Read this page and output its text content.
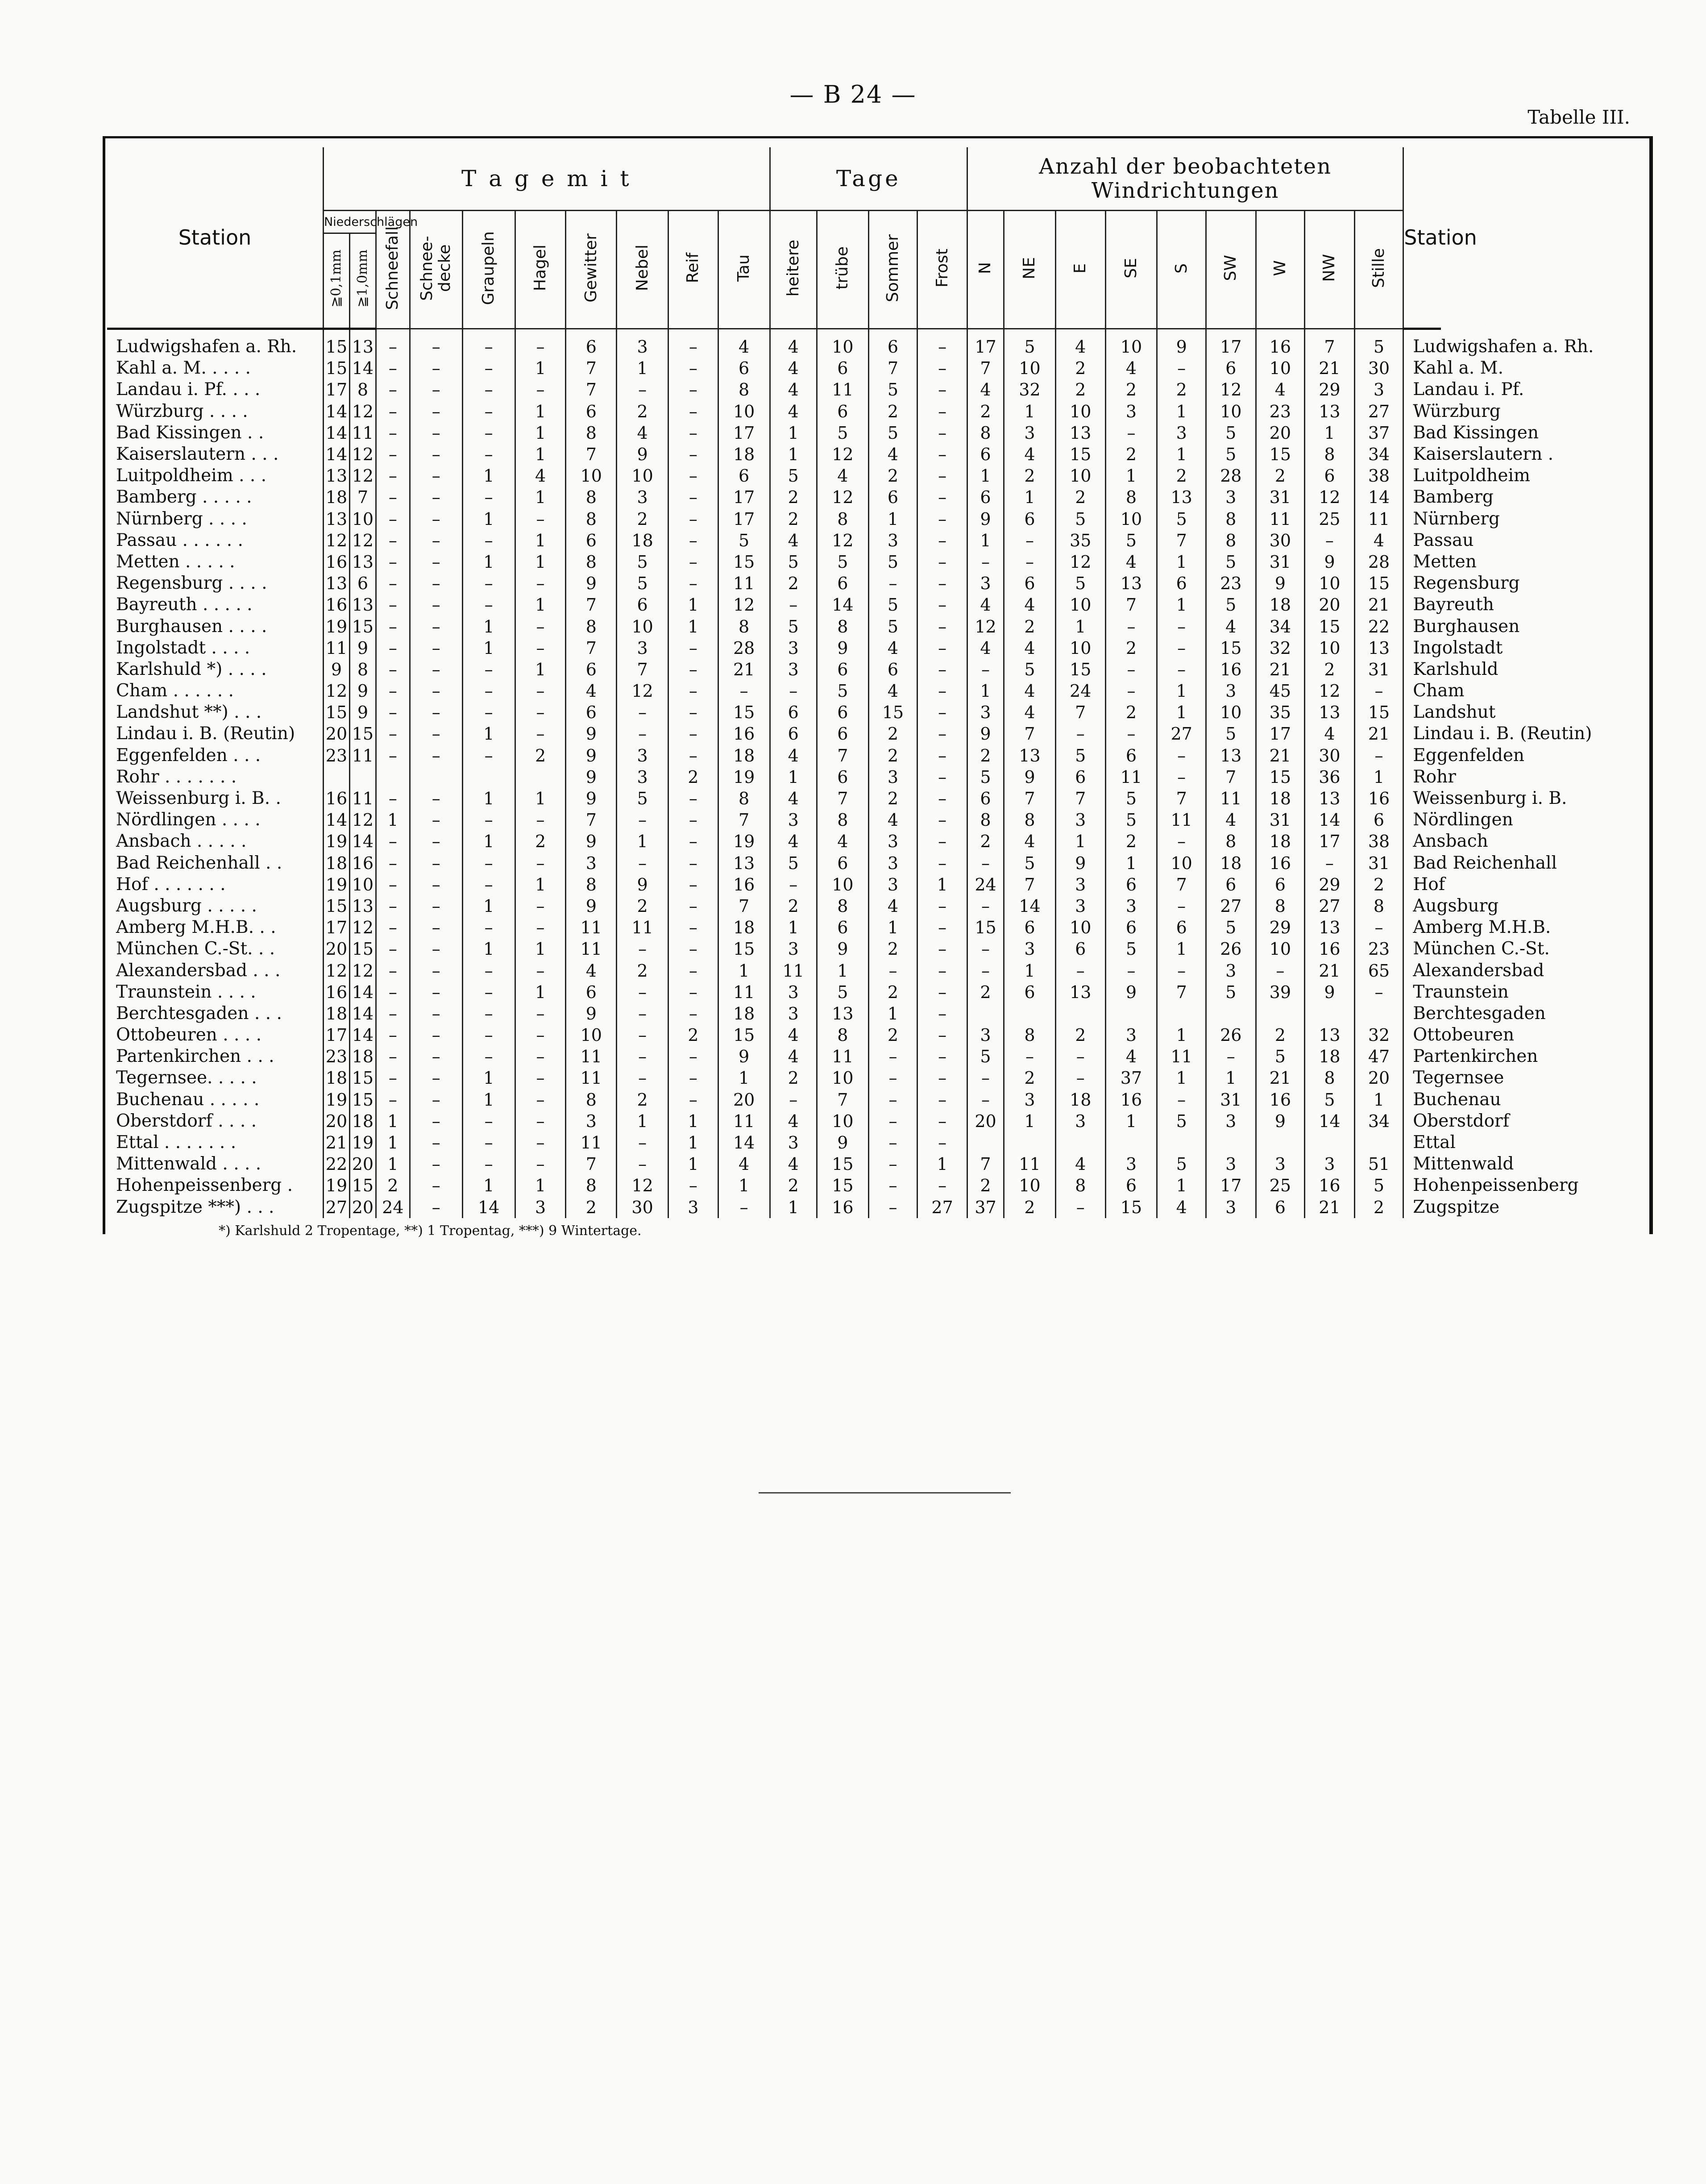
— B 24 —
Tabelle III.
Station	T a g e m i t										Tage				Anzahl der beobachteten
Windrichtungen									Station
	Niederschlägen		Schneefall	Schnee-decke	Graupeln	Hagel	Gewitter	Nebel	Reif	Tau	heitere	trübe	Sommer	Frost	N	NE	E	SE	S	SW	W	NW	Stille	
	≧0,1mm	≧1,0mm																						
Ludwigshafen a. Rh.	15	13	–	–	–	–	6	3	–	4	4	10	6	–	17	5	4	10	9	17	16	7	5	Ludwigshafen a. Rh.
Kahl a. M. . . . .	15	14	–	–	–	1	7	1	–	6	4	6	7	–	7	10	2	4	–	6	10	21	30	Kahl a. M.
Landau i. Pf. . . .	17	8	–	–	–	–	7	–	–	8	4	11	5	–	4	32	2	2	2	12	4	29	3	Landau i. Pf.
Würzburg . . . .	14	12	–	–	–	1	6	2	–	10	4	6	2	–	2	1	10	3	1	10	23	13	27	Würzburg
Bad Kissingen . .	14	11	–	–	–	1	8	4	–	17	1	5	5	–	8	3	13	–	3	5	20	1	37	Bad Kissingen
Kaiserslautern . . .	14	12	–	–	–	1	7	9	–	18	1	12	4	–	6	4	15	2	1	5	15	8	34	Kaiserslautern .
Luitpoldheim . . .	13	12	–	–	1	4	10	10	–	6	5	4	2	–	1	2	10	1	2	28	2	6	38	Luitpoldheim
Bamberg . . . . .	18	7	–	–	–	1	8	3	–	17	2	12	6	–	6	1	2	8	13	3	31	12	14	Bamberg
Nürnberg . . . .	13	10	–	–	1	–	8	2	–	17	2	8	1	–	9	6	5	10	5	8	11	25	11	Nürnberg
Passau . . . . . .	12	12	–	–	–	1	6	18	–	5	4	12	3	–	1	–	35	5	7	8	30	–	4	Passau
Metten . . . . .	16	13	–	–	1	1	8	5	–	15	5	5	5	–	–	–	12	4	1	5	31	9	28	Metten
Regensburg . . . .	13	6	–	–	–	–	9	5	–	11	2	6	–	–	3	6	5	13	6	23	9	10	15	Regensburg
Bayreuth . . . . .	16	13	–	–	–	1	7	6	1	12	–	14	5	–	4	4	10	7	1	5	18	20	21	Bayreuth
Burghausen . . . .	19	15	–	–	1	–	8	10	1	8	5	8	5	–	12	2	1	–	–	4	34	15	22	Burghausen
Ingolstadt . . . .	11	9	–	–	1	–	7	3	–	28	3	9	4	–	4	4	10	2	–	15	32	10	13	Ingolstadt
Karlshuld *) . . . .	9	8	–	–	–	1	6	7	–	21	3	6	6	–	–	5	15	–	–	16	21	2	31	Karlshuld
Cham . . . . . .	12	9	–	–	–	–	4	12	–	–	–	5	4	–	1	4	24	–	1	3	45	12	–	Cham
Landshut **) . . .	15	9	–	–	–	–	6	–	–	15	6	6	15	–	3	4	7	2	1	10	35	13	15	Landshut
Lindau i. B. (Reutin)	20	15	–	–	1	–	9	–	–	16	6	6	2	–	9	7	–	–	27	5	17	4	21	Lindau i. B. (Reutin)
Eggenfelden . . .	23	11	–	–	–	2	9	3	–	18	4	7	2	–	2	13	5	6	–	13	21	30	–	Eggenfelden
Rohr . . . . . . .							9	3	2	19	1	6	3	–	5	9	6	11	–	7	15	36	1	Rohr
Weissenburg i. B. .	16	11	–	–	1	1	9	5	–	8	4	7	2	–	6	7	7	5	7	11	18	13	16	Weissenburg i. B.
Nördlingen . . . .	14	12	1	–	–	–	7	–	–	7	3	8	4	–	8	8	3	5	11	4	31	14	6	Nördlingen
Ansbach . . . . .	19	14	–	–	1	2	9	1	–	19	4	4	3	–	2	4	1	2	–	8	18	17	38	Ansbach
Bad Reichenhall . .	18	16	–	–	–	–	3	–	–	13	5	6	3	–	–	5	9	1	10	18	16	–	31	Bad Reichenhall
Hof . . . . . . .	19	10	–	–	–	1	8	9	–	16	–	10	3	1	24	7	3	6	7	6	6	29	2	Hof
Augsburg . . . . .	15	13	–	–	1	–	9	2	–	7	2	8	4	–	–	14	3	3	–	27	8	27	8	Augsburg
Amberg M.H.B. . .	17	12	–	–	–	–	11	11	–	18	1	6	1	–	15	6	10	6	6	5	29	13	–	Amberg M.H.B.
München C.-St. . .	20	15	–	–	1	1	11	–	–	15	3	9	2	–	–	3	6	5	1	26	10	16	23	München C.-St.
Alexandersbad . . .	12	12	–	–	–	–	4	2	–	1	11	1	–	–	–	1	–	–	–	3	–	21	65	Alexandersbad
Traunstein . . . .	16	14	–	–	–	1	6	–	–	11	3	5	2	–	2	6	13	9	7	5	39	9	–	Traunstein
Berchtesgaden . . .	18	14	–	–	–	–	9	–	–	18	3	13	1	–										Berchtesgaden
Ottobeuren . . . .	17	14	–	–	–	–	10	–	2	15	4	8	2	–	3	8	2	3	1	26	2	13	32	Ottobeuren
Partenkirchen . . .	23	18	–	–	–	–	11	–	–	9	4	11	–	–	5	–	–	4	11	–	5	18	47	Partenkirchen
Tegernsee. . . . .	18	15	–	–	1	–	11	–	–	1	2	10	–	–	–	2	–	37	1	1	21	8	20	Tegernsee
Buchenau . . . . .	19	15	–	–	1	–	8	2	–	20	–	7	–	–	–	3	18	16	–	31	16	5	1	Buchenau
Oberstdorf . . . .	20	18	1	–	–	–	3	1	1	11	4	10	–	–	20	1	3	1	5	3	9	14	34	Oberstdorf
Ettal . . . . . . .	21	19	1	–	–	–	11	–	1	14	3	9	–	–										Ettal
Mittenwald . . . .	22	20	1	–	–	–	7	–	1	4	4	15	–	1	7	11	4	3	5	3	3	3	51	Mittenwald
Hohenpeissenberg .	19	15	2	–	1	1	8	12	–	1	2	15	–	–	2	10	8	6	1	17	25	16	5	Hohenpeissenberg
Zugspitze ***) . . .	27	20	24	–	14	3	2	30	3	–	1	16	–	27	37	2	–	15	4	3	6	21	2	Zugspitze
*) Karlshuld 2 Tropentage, **) 1 Tropentag, ***) 9 Wintertage.
